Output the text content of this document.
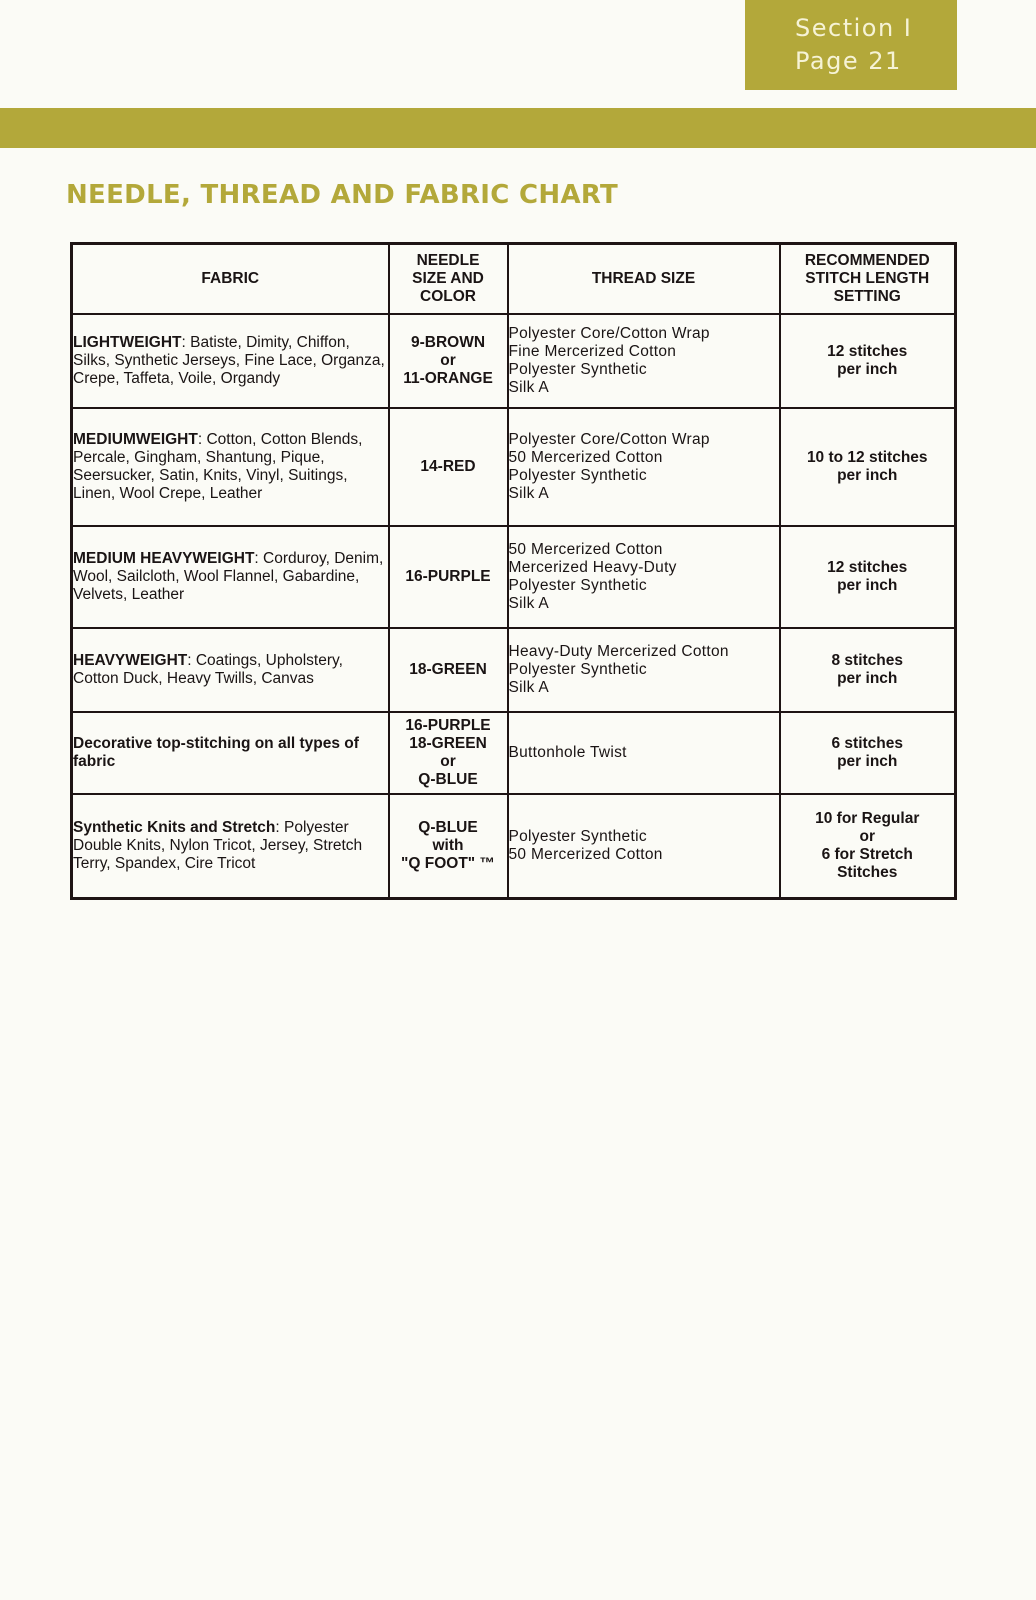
Section I
Page 21
NEEDLE, THREAD AND FABRIC CHART
FABRIC	NEEDLE
SIZE AND
COLOR	THREAD SIZE	RECOMMENDED
STITCH LENGTH
SETTING
LIGHTWEIGHT: Batiste, Dimity, Chiffon, Silks, Synthetic Jerseys, Fine Lace, Organza, Crepe, Taffeta, Voile, Organdy	9-BROWN
or
11-ORANGE	Polyester Core/Cotton Wrap
Fine Mercerized Cotton
Polyester Synthetic
Silk A	12 stitches
per inch
MEDIUMWEIGHT: Cotton, Cotton Blends, Percale, Gingham, Shantung, Pique, Seersucker, Satin, Knits, Vinyl, Suitings, Linen, Wool Crepe, Leather	14-RED	Polyester Core/Cotton Wrap
50 Mercerized Cotton
Polyester Synthetic
Silk A	10 to 12 stitches
per inch
MEDIUM HEAVYWEIGHT: Corduroy, Denim, Wool, Sailcloth, Wool Flannel, Gabardine, Velvets, Leather	16-PURPLE	50 Mercerized Cotton
Mercerized Heavy-Duty
Polyester Synthetic
Silk A	12 stitches
per inch
HEAVYWEIGHT: Coatings, Upholstery, Cotton Duck, Heavy Twills, Canvas	18-GREEN	Heavy-Duty Mercerized Cotton
Polyester Synthetic
Silk A	8 stitches
per inch
Decorative top-stitching on all types of fabric	16-PURPLE
18-GREEN
or
Q-BLUE	Buttonhole Twist	6 stitches
per inch
Synthetic Knits and Stretch: Polyester Double Knits, Nylon Tricot, Jersey, Stretch Terry, Spandex, Cire Tricot	Q-BLUE
with
"Q FOOT" ™	Polyester Synthetic
50 Mercerized Cotton	10 for Regular
or
6 for Stretch
Stitches
